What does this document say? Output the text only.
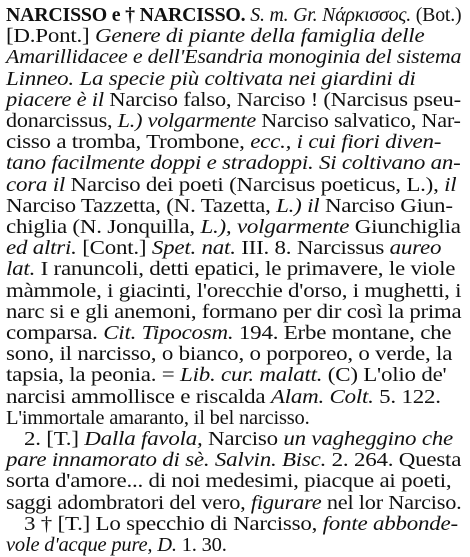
NARCISSO e † NARCISSO. S. m. Gr. Νάρκισσος. (Bot.)
[D.Pont.] Genere di piante della famiglia delle
Amarillidacee e dell'Esandria monoginia del sistema
Linneo. La specie più coltivata nei giardini di
piacere è il Narciso falso, Narciso ! (Narcisus pseu-
donarcissus, L.) volgarmente Narciso salvatico, Nar-
cisso a tromba, Trombone, ecc., i cui fiori diven-
tano facilmente doppi e stradoppi. Si coltivano an-
cora il Narciso dei poeti (Narcisus poeticus, L.), il
Narciso Tazzetta, (N. Tazetta, L.) il Narciso Giun-
chiglia (N. Jonquilla, L.), volgarmente Giunchiglia
ed altri. [Cont.] Spet. nat. III. 8. Narcissus aureo
lat. I ranuncoli, detti epatici, le primavere, le viole
màmmole, i giacinti, l'orecchie d'orso, i mughetti, i
narc si e gli anemoni, formano per dir così la prima
comparsa. Cit. Tipocosm. 194. Erbe montane, che
sono, il narcisso, o bianco, o porporeo, o verde, la
tapsia, la peonia. = Lib. cur. malatt. (C) L'olio de'
narcisi ammollisce e riscalda Alam. Colt. 5. 122.
L'immortale amaranto, il bel narcisso.
2. [T.] Dalla favola, Narciso un vagheggino che
pare innamorato di sè. Salvin. Bisc. 2. 264. Questa
sorta d'amore... di noi medesimi, piacque ai poeti,
saggi adombratori del vero, figurare nel lor Narciso.
3 † [T.] Lo specchio di Narcisso, fonte abbonde-
vole d'acque pure, D. 1. 30.
